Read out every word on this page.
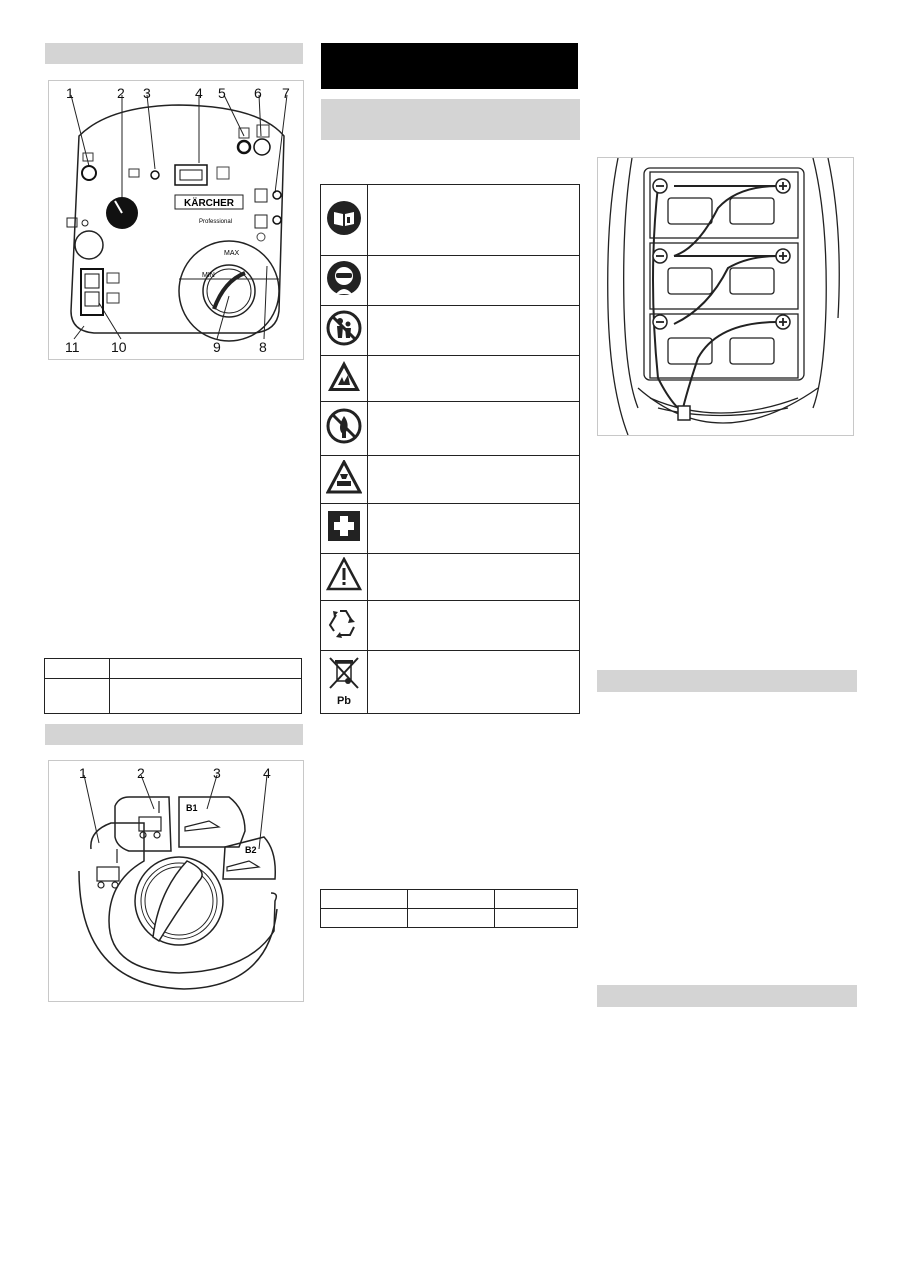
KÄRCHER
Professional
MAX
MIN
1	2 3	4 5 6 7
8
9
10
11

B1
B2
1	2	3	4
Pb
